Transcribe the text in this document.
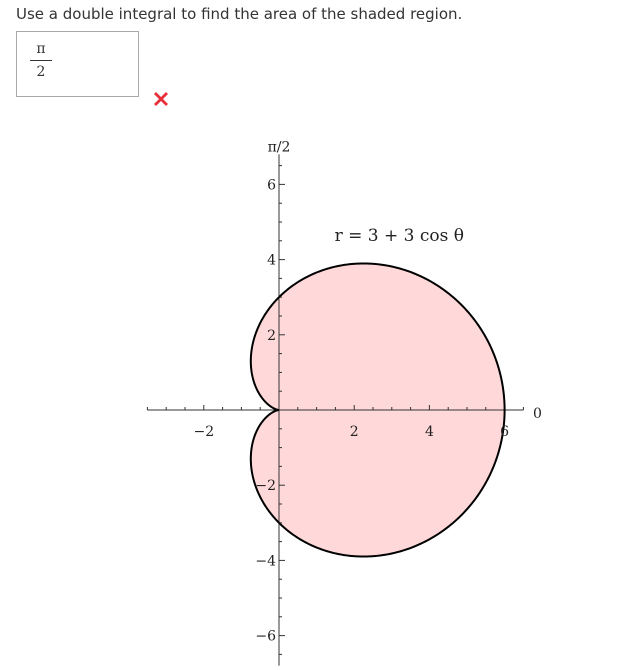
Use a double integral to find the area of the shaded region.
π
2
−2	2	4	6
6
4
2
−2
−4
−6
π/2
0
r = 3 + 3 cos θ
